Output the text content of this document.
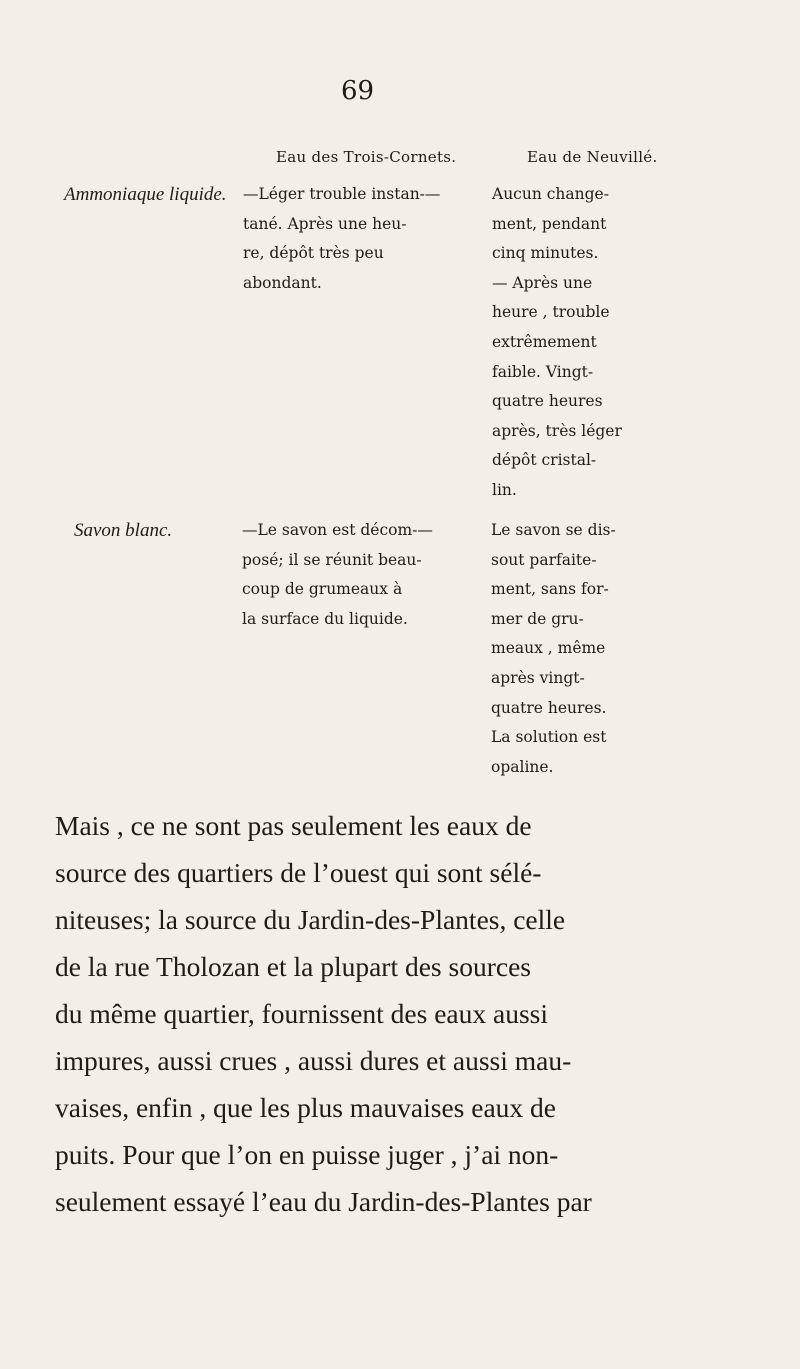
69
Eau des Trois-Cornets.	Eau de Neuvillé.
Ammoniaque liquide. —Léger trouble instan-—
tané. Après une heu-
re, dépôt très peu
abondant.
Aucun change-
ment, pendant
cinq minutes.
— Après une
heure , trouble
extrêmement
faible. Vingt-
quatre heures
après, très léger
dépôt cristal-
lin.
Savon blanc.	—Le savon est décom-—
posé; il se réunit beau-
coup de grumeaux à
la surface du liquide.
Le savon se dis-
sout parfaite-
ment, sans for-
mer de gru-
meaux , même
après vingt-
quatre heures.
La solution est
opaline.
Mais , ce ne sont pas seulement les eaux de
source des quartiers de l’ouest qui sont sélé-
niteuses; la source du Jardin-des-Plantes, celle
de la rue Tholozan et la plupart des sources
du même quartier, fournissent des eaux aussi
impures, aussi crues , aussi dures et aussi mau-
vaises, enfin , que les plus mauvaises eaux de
puits. Pour que l’on en puisse juger , j’ai non-
seulement essayé l’eau du Jardin-des-Plantes par
